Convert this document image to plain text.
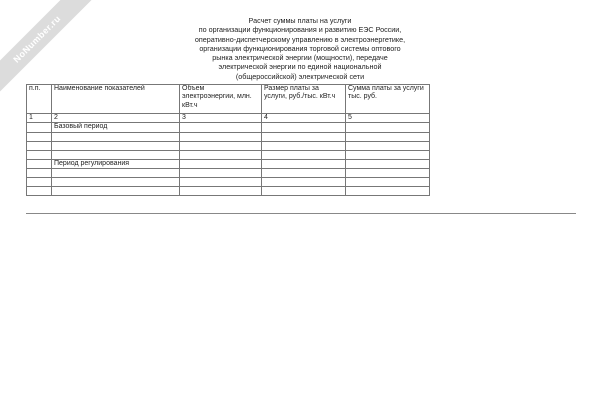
NoNumber.ru	Расчет суммы платы на услуги
по организации функционирования и развитию ЕЭС России,
оперативно-диспетчерскому управлению в электроэнергетике,
организации функционирования торговой системы оптового
рынка электрической энергии (мощности), передаче
электрической энергии по единой национальной
(общероссийской) электрической сети
п.п.	Наименование показателей	Объем электроэнергии, млн. кВт.ч	Размер платы за услуги, руб./тыс. кВт.ч	Сумма платы за услуги тыс. руб.
1	2	3	4	5
	Базовый период			

	Период регулирования			
